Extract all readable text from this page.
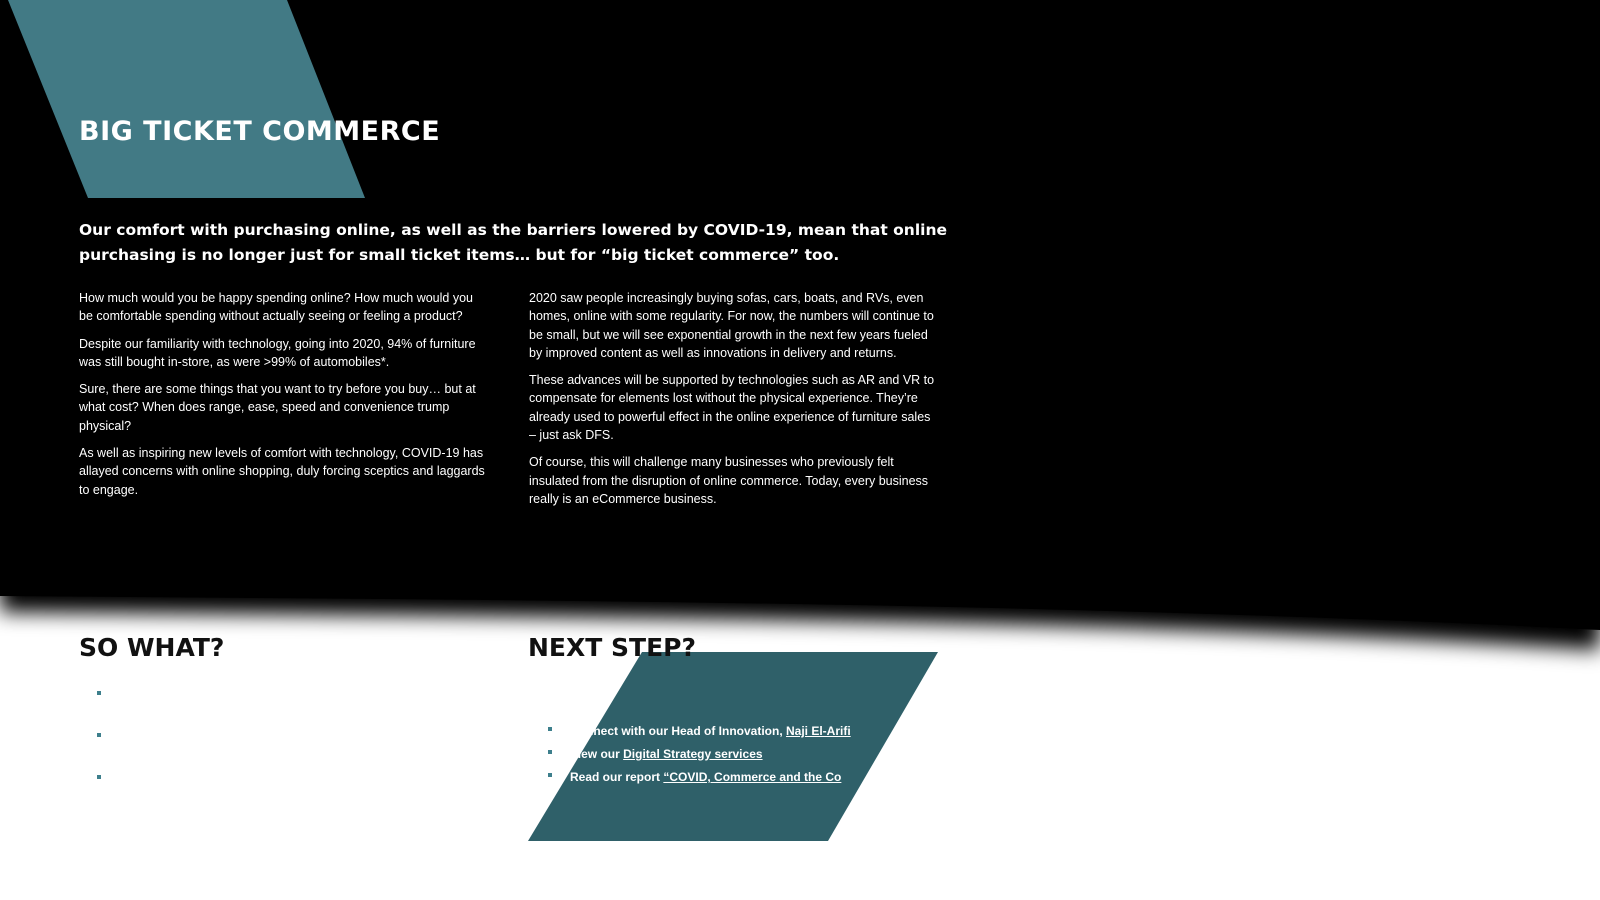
BIG TICKET COMMERCE

Our comfort with purchasing online, as well as the barriers lowered by COVID-19, mean that online purchasing is no longer just for small ticket items… but for “big ticket commerce” too.

How much would you be happy spending online? How much would you be comfortable spending without actually seeing or feeling a product?

Despite our familiarity with technology, going into 2020, 94% of furniture was still bought in-store, as were >99% of automobiles*.

Sure, there are some things that you want to try before you buy… but at what cost? When does range, ease, speed and convenience trump physical?

As well as inspiring new levels of comfort with technology, COVID-19 has allayed concerns with online shopping, duly forcing sceptics and laggards to engage.

2020 saw people increasingly buying sofas, cars, boats, and RVs, even homes, online with some regularity. For now, the numbers will continue to be small, but we will see exponential growth in the next few years fueled by improved content as well as innovations in delivery and returns.

These advances will be supported by technologies such as AR and VR to compensate for elements lost without the physical experience. They’re already used to powerful effect in the online experience of furniture sales – just ask DFS.

Of course, this will challenge many businesses who previously felt insulated from the disruption of online commerce. Today, every business really is an eCommerce business.

SO WHAT?	NEXT STEP?
Connect with our Head of Innovation, Naji El-Arifi
View our Digital Strategy services
Read our report “COVID, Commerce and the Co
